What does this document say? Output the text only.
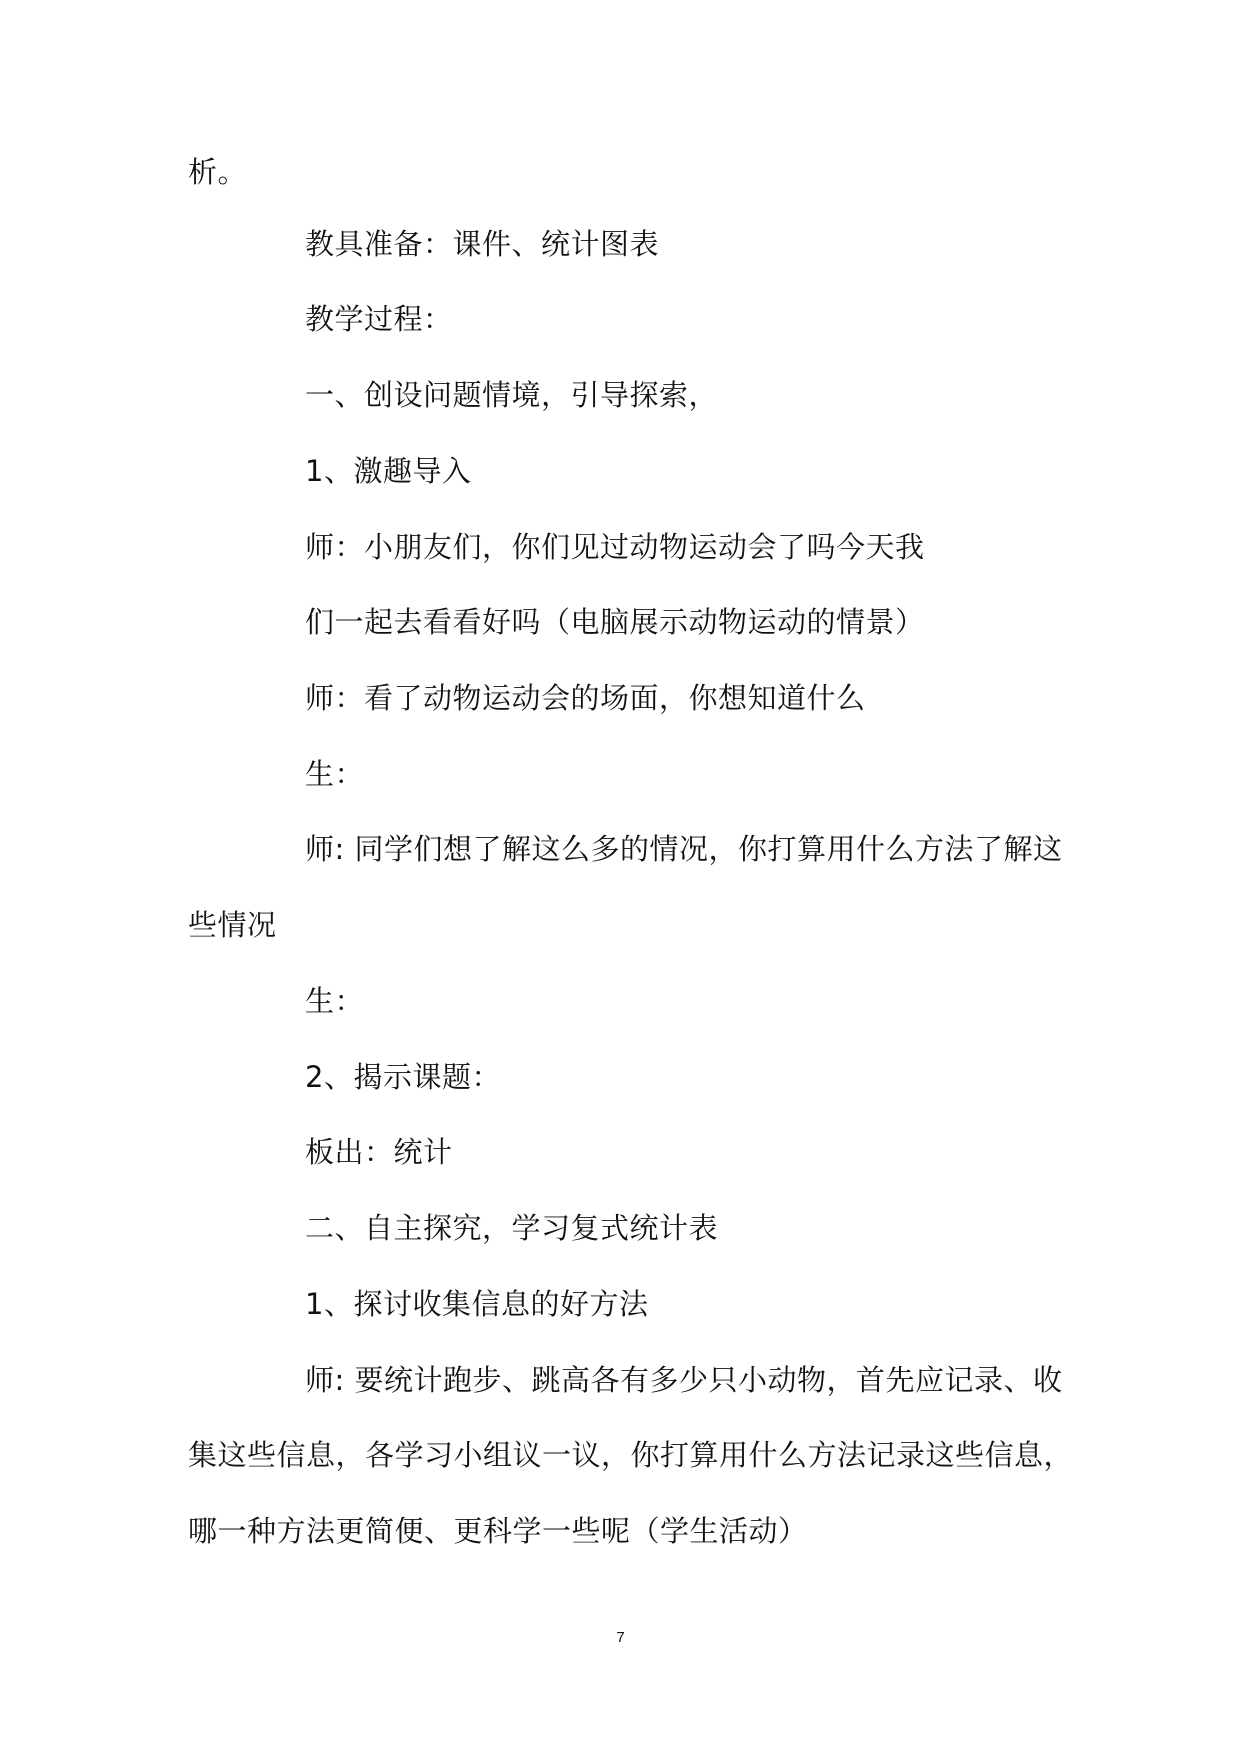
析。
教具准备：课件、统计图表
教学过程：
一、创设问题情境，引导探索，
1、激趣导入
师：小朋友们，你们见过动物运动会了吗今天我
们一起去看看好吗（电脑展示动物运动的情景）
师：看了动物运动会的场面，你想知道什么
生：
师: 同学们想了解这么多的情况，你打算用什么方法了解这
些情况
生：
2、揭示课题：
板出：统计
二、自主探究，学习复式统计表
1、探讨收集信息的好方法
师: 要统计跑步、跳高各有多少只小动物，首先应记录、收
集这些信息，各学习小组议一议，你打算用什么方法记录这些信息，
哪一种方法更简便、更科学一些呢（学生活动）
7
